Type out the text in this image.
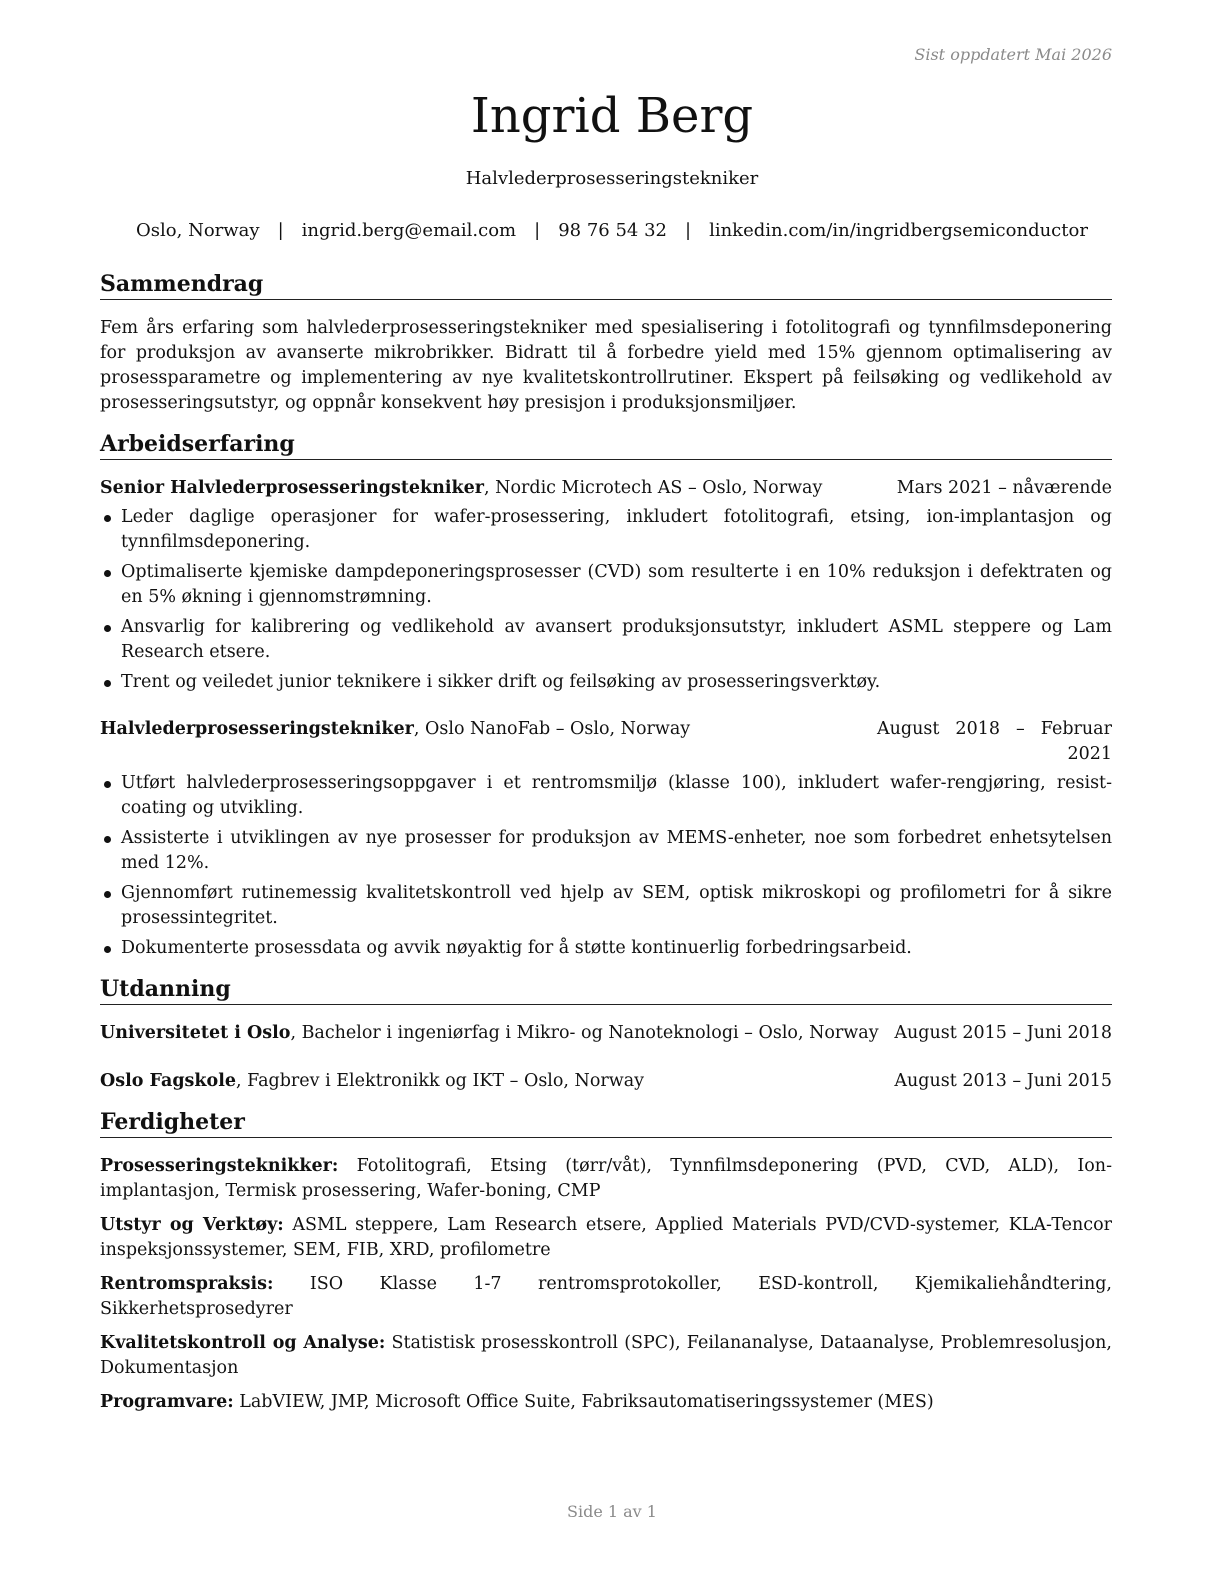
Sist oppdatert Mai 2026
Ingrid Berg
Halvlederprosesseringstekniker
Oslo, Norway | ingrid.berg@email.com | 98 76 54 32 | linkedin.com/in/ingridbergsemiconductor
Sammendrag

Fem års erfaring som halvlederprosesseringstekniker med spesialisering i fotolitografi og tynnfilmsdeponering for produksjon av avanserte mikrobrikker. Bidratt til å forbedre yield med 15% gjennom optimalisering av prosessparametre og implementering av nye kvalitetskontrollrutiner. Ekspert på feilsøking og vedlikehold av prosesseringsutstyr, og oppnår konsekvent høy presisjon i produksjonsmiljøer.

Arbeidserfaring
Senior Halvlederprosesseringstekniker, Nordic Microtech AS – Oslo, Norway	Mars 2021 – nåværende
Leder daglige operasjoner for wafer-prosessering, inkludert fotolitografi, etsing, ion-implantasjon og tynnfilmsdeponering.
Optimaliserte kjemiske dampdeponeringsprosesser (CVD) som resulterte i en 10% reduksjon i defektraten og en 5% økning i gjennomstrømning.
Ansvarlig for kalibrering og vedlikehold av avansert produksjonsutstyr, inkludert ASML steppere og Lam Research etsere.
Trent og veiledet junior teknikere i sikker drift og feilsøking av prosesseringsverktøy.
Halvlederprosesseringstekniker, Oslo NanoFab – Oslo, Norway	August 2018 – Februar 2021
Utført halvlederprosesseringsoppgaver i et rentromsmiljø (klasse 100), inkludert wafer-rengjøring, resist-coating og utvikling.
Assisterte i utviklingen av nye prosesser for produksjon av MEMS-enheter, noe som forbedret enhetsytelsen med 12%.
Gjennomført rutinemessig kvalitetskontroll ved hjelp av SEM, optisk mikroskopi og profilometri for å sikre prosessintegritet.
Dokumenterte prosessdata og avvik nøyaktig for å støtte kontinuerlig forbedringsarbeid.
Utdanning
Universitetet i Oslo, Bachelor i ingeniørfag i Mikro- og Nanoteknologi – Oslo, Norway August 2015 – Juni 2018
Oslo Fagskole, Fagbrev i Elektronikk og IKT – Oslo, Norway	August 2013 – Juni 2015
Ferdigheter

Prosesseringsteknikker: Fotolitografi, Etsing (tørr/våt), Tynnfilmsdeponering (PVD, CVD, ALD), Ion-implantasjon, Termisk prosessering, Wafer-boning, CMP

Utstyr og Verktøy: ASML steppere, Lam Research etsere, Applied Materials PVD/CVD-systemer, KLA-Tencor inspeksjonssystemer, SEM, FIB, XRD, profilometre

Rentromspraksis: ISO Klasse 1-7 rentromsprotokoller, ESD-kontroll, Kjemikaliehåndtering, Sikkerhetsprosedyrer

Kvalitetskontroll og Analyse: Statistisk prosesskontroll (SPC), Feilananalyse, Dataanalyse, Problemresolusjon, Dokumentasjon

Programvare: LabVIEW, JMP, Microsoft Office Suite, Fabriksautomatiseringssystemer (MES)

Side 1 av 1
